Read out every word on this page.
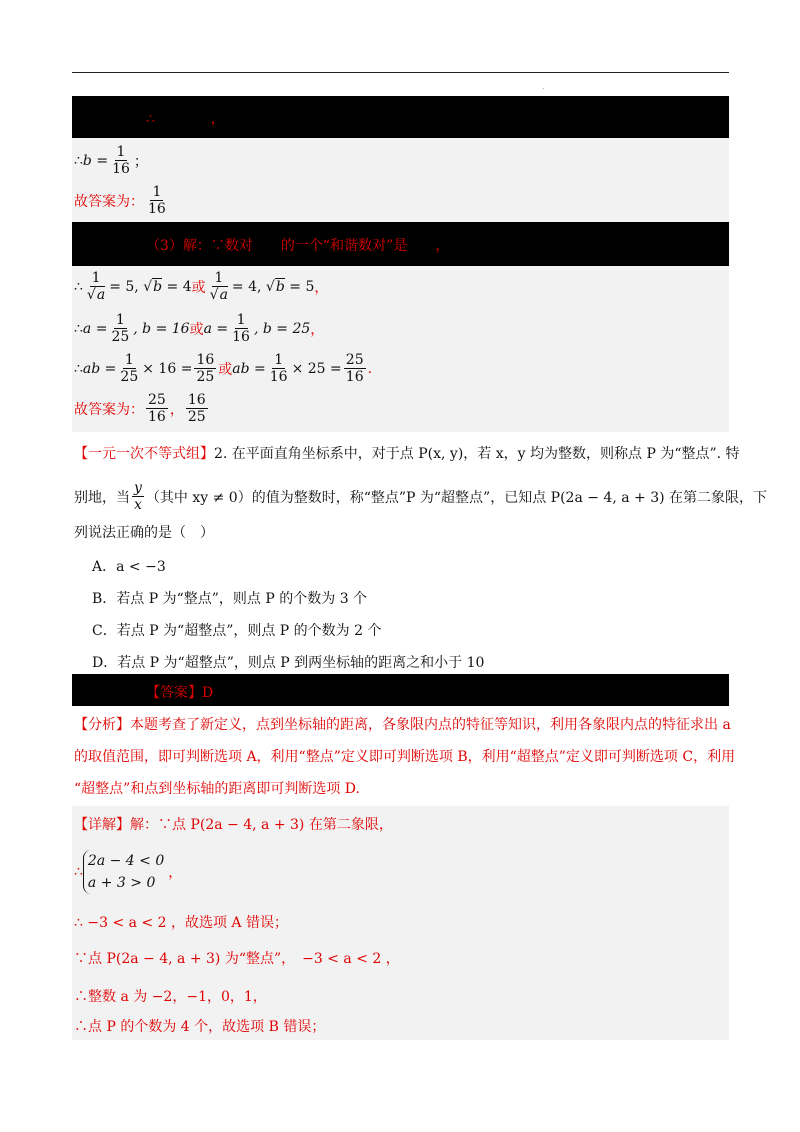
.
∴　　　　，
∴ $b = \frac{1}{16}$ ；
故答案为： $\frac{1}{16}$
（3）解：∵数对　　的一个“和谐数对”是　　，
∴ $\frac{1}{√a} = 5$, √ b
= 4 或 $\frac{1}{√a} = 4$, √ b
= 5 ，
∴ $a = \frac{1}{25}$ , b = 16 或 $a = \frac{1}{16}$ , b = 25 ，
∴ ab = $\frac{1}{25} \times 16 = \frac{16}{25}$ 或 ab = $\frac{1}{16} \times 25 = \frac{25}{16}$ .
故答案为： $\frac{25}{16}$ ， $\frac{16}{25}$
【一元一次不等式组】 2. 在平面直角坐标系中，对于点 P(x, y)，若 x，y 均为整数，则称点 P 为“整点”. 特
别地，当 $\frac{y}{x}$ （其中 xy ≠ 0）的值为整数时，称“整点”P 为“超整点”，已知点 P(2a − 4, a + 3) 在第二象限，下
列说法正确的是（　）
A．a < −3
B．若点 P 为“整点”，则点 P 的个数为 3 个
C．若点 P 为“超整点”，则点 P 的个数为 2 个
D．若点 P 为“超整点”，则点 P 到两坐标轴的距离之和小于 10
【答案】D
【分析】本题考查了新定义，点到坐标轴的距离，各象限内点的特征等知识，利用各象限内点的特征求出 a
的取值范围，即可判断选项 A，利用“整点”定义即可判断选项 B，利用“超整点”定义即可判断选项 C，利用
“超整点”和点到坐标轴的距离即可判断选项 D.
【详解】 解：∵点 P(2a − 4, a + 3) 在第二象限，
∴
2a − 4 < 0
a + 3 > 0
，
∴ −3 < a < 2 ，故选项 A 错误；
∵点 P(2a − 4, a + 3) 为“整点”，　−3 < a < 2 ，
∴整数 a 为 −2，−1，0，1，
∴点 P 的个数为 4 个，故选项 B 错误；
